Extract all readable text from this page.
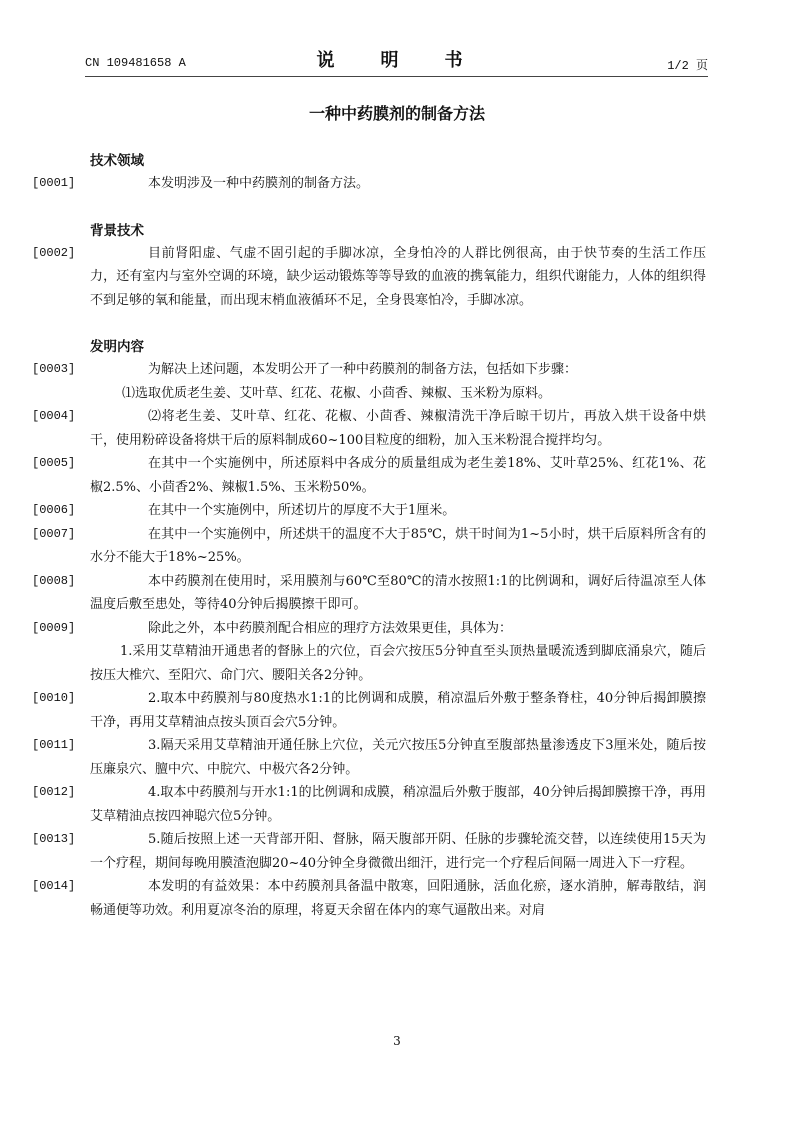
CN 109481658 A	说　明　书	1/2 页
一种中药膜剂的制备方法

技术领域

[0001]	本发明涉及一种中药膜剂的制备方法。

背景技术

[0002]	目前肾阳虚、气虚不固引起的手脚冰凉，全身怕冷的人群比例很高，由于快节奏的生活工作压力，还有室内与室外空调的环境，缺少运动锻炼等等导致的血液的携氧能力，组织代谢能力，人体的组织得不到足够的氧和能量，而出现末梢血液循环不足，全身畏寒怕冷，手脚冰凉。

发明内容

[0003]	为解决上述问题，本发明公开了一种中药膜剂的制备方法，包括如下步骤：

⑴选取优质老生姜、艾叶草、红花、花椒、小茴香、辣椒、玉米粉为原料。

[0004]	⑵将老生姜、艾叶草、红花、花椒、小茴香、辣椒清洗干净后晾干切片，再放入烘干设备中烘干，使用粉碎设备将烘干后的原料制成60~100目粒度的细粉，加入玉米粉混合搅拌均匀。

[0005]	在其中一个实施例中，所述原料中各成分的质量组成为老生姜18%、艾叶草25%、红花1%、花椒2.5%、小茴香2%、辣椒1.5%、玉米粉50%。

[0006]	在其中一个实施例中，所述切片的厚度不大于1厘米。

[0007]	在其中一个实施例中，所述烘干的温度不大于85℃，烘干时间为1~5小时，烘干后原料所含有的水分不能大于18%~25%。

[0008]	本中药膜剂在使用时，采用膜剂与60℃至80℃的清水按照1:1的比例调和，调好后待温凉至人体温度后敷至患处，等待40分钟后揭膜擦干即可。

[0009]	除此之外，本中药膜剂配合相应的理疗方法效果更佳，具体为：

1.采用艾草精油开通患者的督脉上的穴位，百会穴按压5分钟直至头顶热量暖流透到脚底涌泉穴，随后按压大椎穴、至阳穴、命门穴、腰阳关各2分钟。

[0010]	2.取本中药膜剂与80度热水1:1的比例调和成膜，稍凉温后外敷于整条脊柱，40分钟后揭卸膜擦干净，再用艾草精油点按头顶百会穴5分钟。

[0011]	3.隔天采用艾草精油开通任脉上穴位，关元穴按压5分钟直至腹部热量渗透皮下3厘米处，随后按压廉泉穴、膻中穴、中脘穴、中极穴各2分钟。

[0012]	4.取本中药膜剂与开水1:1的比例调和成膜，稍凉温后外敷于腹部，40分钟后揭卸膜擦干净，再用艾草精油点按四神聪穴位5分钟。

[0013]	5.随后按照上述一天背部开阳、督脉，隔天腹部开阴、任脉的步骤轮流交替，以连续使用15天为一个疗程，期间每晚用膜渣泡脚20~40分钟全身微微出细汗，进行完一个疗程后间隔一周进入下一疗程。

[0014]	本发明的有益效果：本中药膜剂具备温中散寒，回阳通脉，活血化瘀，逐水消肿，解毒散结，润畅通便等功效。利用夏凉冬治的原理，将夏天余留在体内的寒气逼散出来。对肩

3
